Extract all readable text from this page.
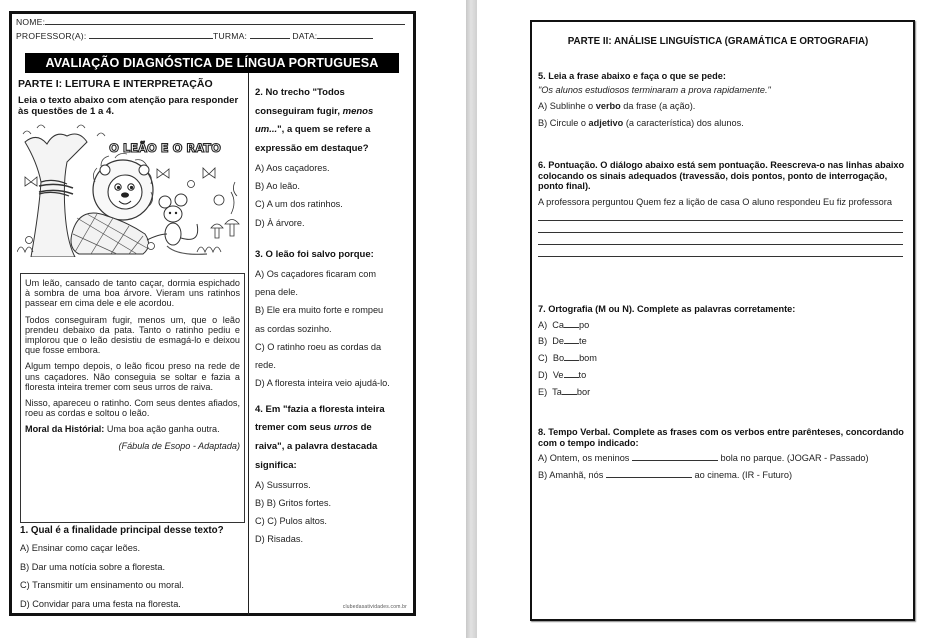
NOME:
PROFESSOR(A):	TURMA:	DATA:
AVALIAÇÃO DIAGNÓSTICA DE LÍNGUA PORTUGUESA
PARTE I: LEITURA E INTERPRETAÇÃO
Leia o texto abaixo com atenção para responder às questões de 1 a 4.
O LEÃO E O RATO

Um leão, cansado de tanto caçar, dormia espichado à sombra de uma boa árvore. Vieram uns ratinhos passear em cima dele e ele acordou.

Todos conseguiram fugir, menos um, que o leão prendeu debaixo da pata. Tanto o ratinho pediu e implorou que o leão desistiu de esmagá-lo e deixou que fosse embora.

Algum tempo depois, o leão ficou preso na rede de uns caçadores. Não conseguia se soltar e fazia a floresta inteira tremer com seus urros de raiva.

Nisso, apareceu o ratinho. Com seus dentes afiados, roeu as cordas e soltou o leão.

Moral da Histórial: Uma boa ação ganha outra.

(Fábula de Esopo - Adaptada)

1. Qual é a finalidade principal desse texto?
A) Ensinar como caçar leões.
B) Dar uma notícia sobre a floresta.
C) Transmitir um ensinamento ou moral.
D) Convidar para uma festa na floresta.
2. No trecho "Todos
conseguiram fugir, menos
um...", a quem se refere a
expressão em destaque?
A) Aos caçadores.
B) Ao leão.
C) A um dos ratinhos.
D) À árvore.
3. O leão foi salvo porque:
A) Os caçadores ficaram com
pena dele.
B) Ele era muito forte e rompeu
as cordas sozinho.
C) O ratinho roeu as cordas da
rede.
D) A floresta inteira veio ajudá-lo.
4. Em "fazia a floresta inteira
tremer com seus urros de
raiva", a palavra destacada
significa:
A) Sussurros.
B) B) Gritos fortes.
C) C) Pulos altos.
D) Risadas.
clubedasatividades.com.br
PARTE II: ANÁLISE LINGUÍSTICA (GRAMÁTICA E ORTOGRAFIA)
5. Leia a frase abaixo e faça o que se pede:
"Os alunos estudiosos terminaram a prova rapidamente."
A) Sublinhe o verbo da frase (a ação).
B) Circule o adjetivo (a característica) dos alunos.
6. Pontuação. O diálogo abaixo está sem pontuação. Reescreva-o nas linhas abaixo colocando os sinais adequados (travessão, dois pontos, ponto de interrogação, ponto final).
A professora perguntou Quem fez a lição de casa O aluno respondeu Eu fiz professora
7. Ortografia (M ou N). Complete as palavras corretamente:
A) Ca po
B) De te
C) Bo bom
D) Ve to
E) Ta bor
8. Tempo Verbal. Complete as frases com os verbos entre parênteses, concordando com o tempo indicado:
A) Ontem, os meninos	bola no parque. (JOGAR - Passado)
B) Amanhã, nós	ao cinema. (IR - Futuro)
